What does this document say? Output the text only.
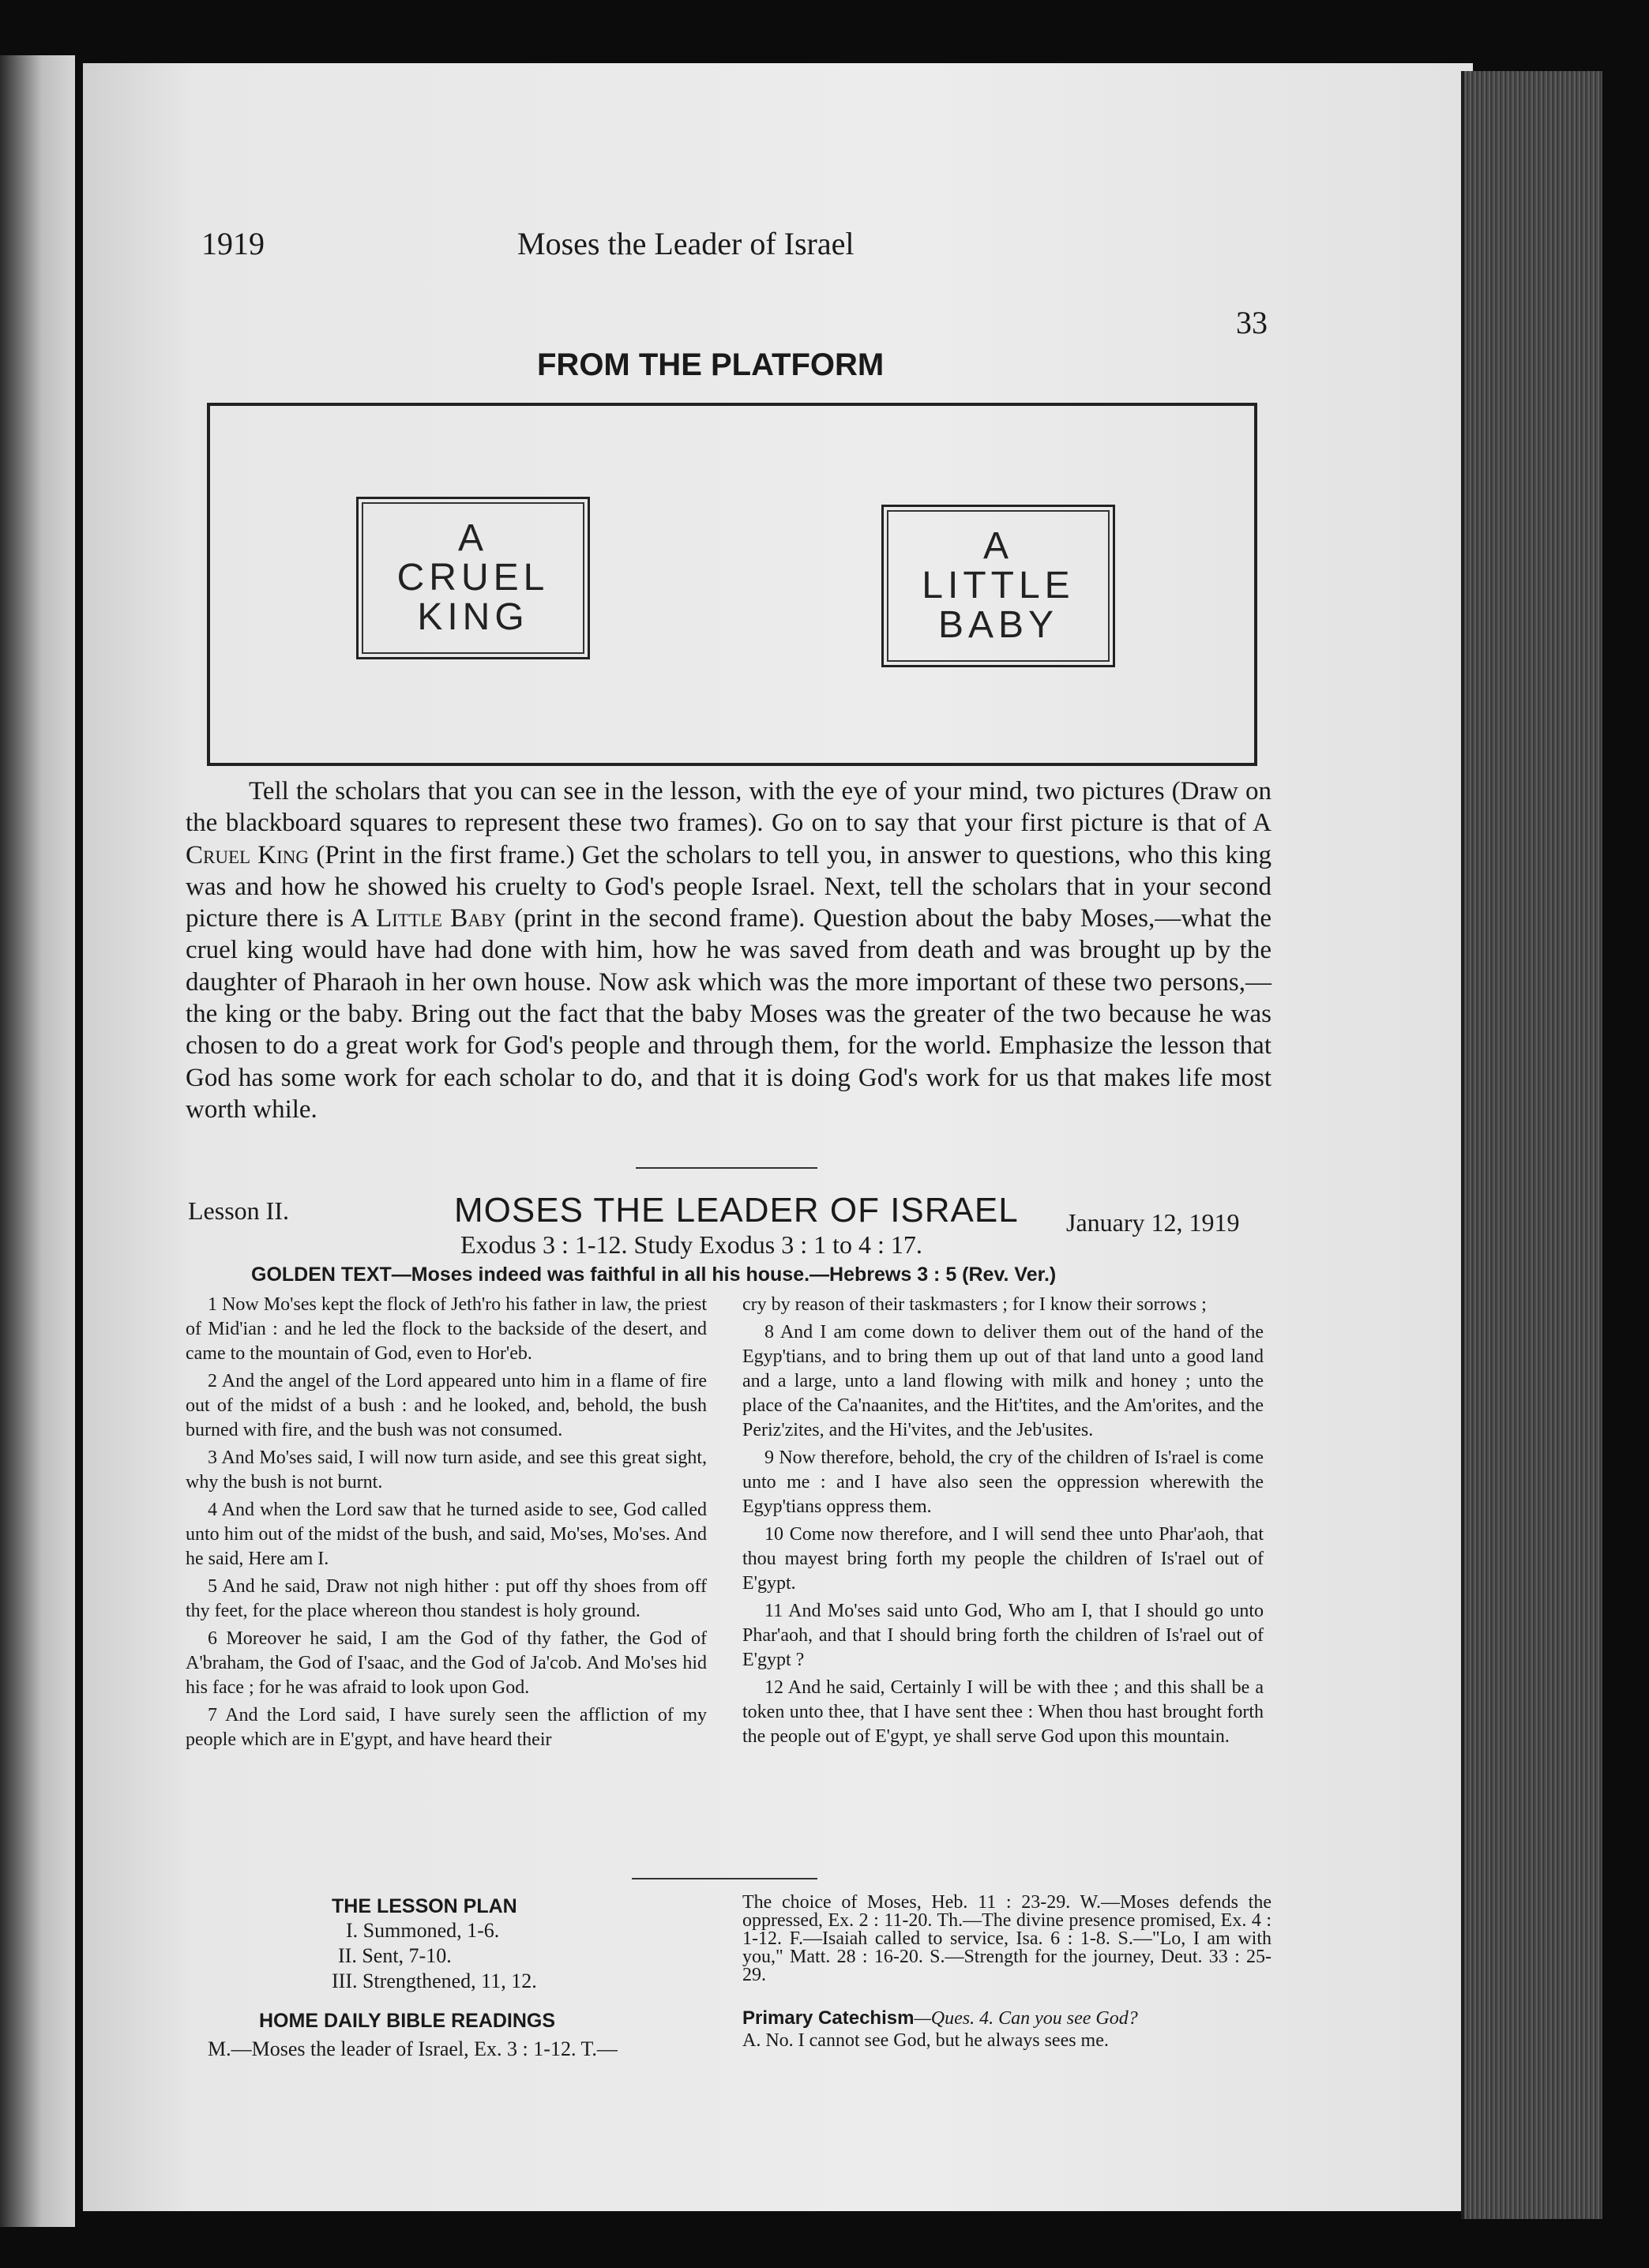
1919	Moses the Leader of Israel
33
FROM THE PLATFORM
A
CRUEL
KING
A
LITTLE
BABY
Tell the scholars that you can see in the lesson, with the eye of your mind, two pictures (Draw on the blackboard squares to represent these two frames). Go on to say that your first picture is that of A Cruel King (Print in the first frame.) Get the scholars to tell you, in answer to questions, who this king was and how he showed his cruelty to God's people Israel. Next, tell the scholars that in your second picture there is A Little Baby (print in the second frame). Question about the baby Moses,—what the cruel king would have had done with him, how he was saved from death and was brought up by the daughter of Pharaoh in her own house. Now ask which was the more important of these two persons,—the king or the baby. Bring out the fact that the baby Moses was the greater of the two because he was chosen to do a great work for God's people and through them, for the world. Emphasize the lesson that God has some work for each scholar to do, and that it is doing God's work for us that makes life most worth while.
Lesson II.	MOSES THE LEADER OF ISRAEL January 12, 1919
Exodus 3 : 1-12. Study Exodus 3 : 1 to 4 : 17.
GOLDEN TEXT—Moses indeed was faithful in all his house.—Hebrews 3 : 5 (Rev. Ver.)

1 Now Mo'ses kept the flock of Jeth'ro his father in law, the priest of Mid'ian : and he led the flock to the backside of the desert, and came to the mountain of God, even to Hor'eb.

2 And the angel of the Lord appeared unto him in a flame of fire out of the midst of a bush : and he looked, and, behold, the bush burned with fire, and the bush was not consumed.

3 And Mo'ses said, I will now turn aside, and see this great sight, why the bush is not burnt.

4 And when the Lord saw that he turned aside to see, God called unto him out of the midst of the bush, and said, Mo'ses, Mo'ses. And he said, Here am I.

5 And he said, Draw not nigh hither : put off thy shoes from off thy feet, for the place whereon thou standest is holy ground.

6 Moreover he said, I am the God of thy father, the God of A'braham, the God of I'saac, and the God of Ja'cob. And Mo'ses hid his face ; for he was afraid to look upon God.

7 And the Lord said, I have surely seen the affliction of my people which are in E'gypt, and have heard their

cry by reason of their taskmasters ; for I know their sorrows ;

8 And I am come down to deliver them out of the hand of the Egyp'tians, and to bring them up out of that land unto a good land and a large, unto a land flowing with milk and honey ; unto the place of the Ca'naanites, and the Hit'tites, and the Am'orites, and the Periz'zites, and the Hi'vites, and the Jeb'usites.

9 Now therefore, behold, the cry of the children of Is'rael is come unto me : and I have also seen the oppression wherewith the Egyp'tians oppress them.

10 Come now therefore, and I will send thee unto Phar'aoh, that thou mayest bring forth my people the children of Is'rael out of E'gypt.

11 And Mo'ses said unto God, Who am I, that I should go unto Phar'aoh, and that I should bring forth the children of Is'rael out of E'gypt ?

12 And he said, Certainly I will be with thee ; and this shall be a token unto thee, that I have sent thee : When thou hast brought forth the people out of E'gypt, ye shall serve God upon this mountain.

THE LESSON PLAN
I. Summoned, 1-6.
II. Sent, 7-10.
III. Strengthened, 11, 12.
HOME DAILY BIBLE READINGS
M.—Moses the leader of Israel, Ex. 3 : 1-12. T.—
The choice of Moses, Heb. 11 : 23-29. W.—Moses defends the oppressed, Ex. 2 : 11-20. Th.—The divine presence promised, Ex. 4 : 1-12. F.—Isaiah called to service, Isa. 6 : 1-8. S.—"Lo, I am with you," Matt. 28 : 16-20. S.—Strength for the journey, Deut. 33 : 25-29.
Primary Catechism—Ques. 4. Can you see God?
A. No. I cannot see God, but he always sees me.
